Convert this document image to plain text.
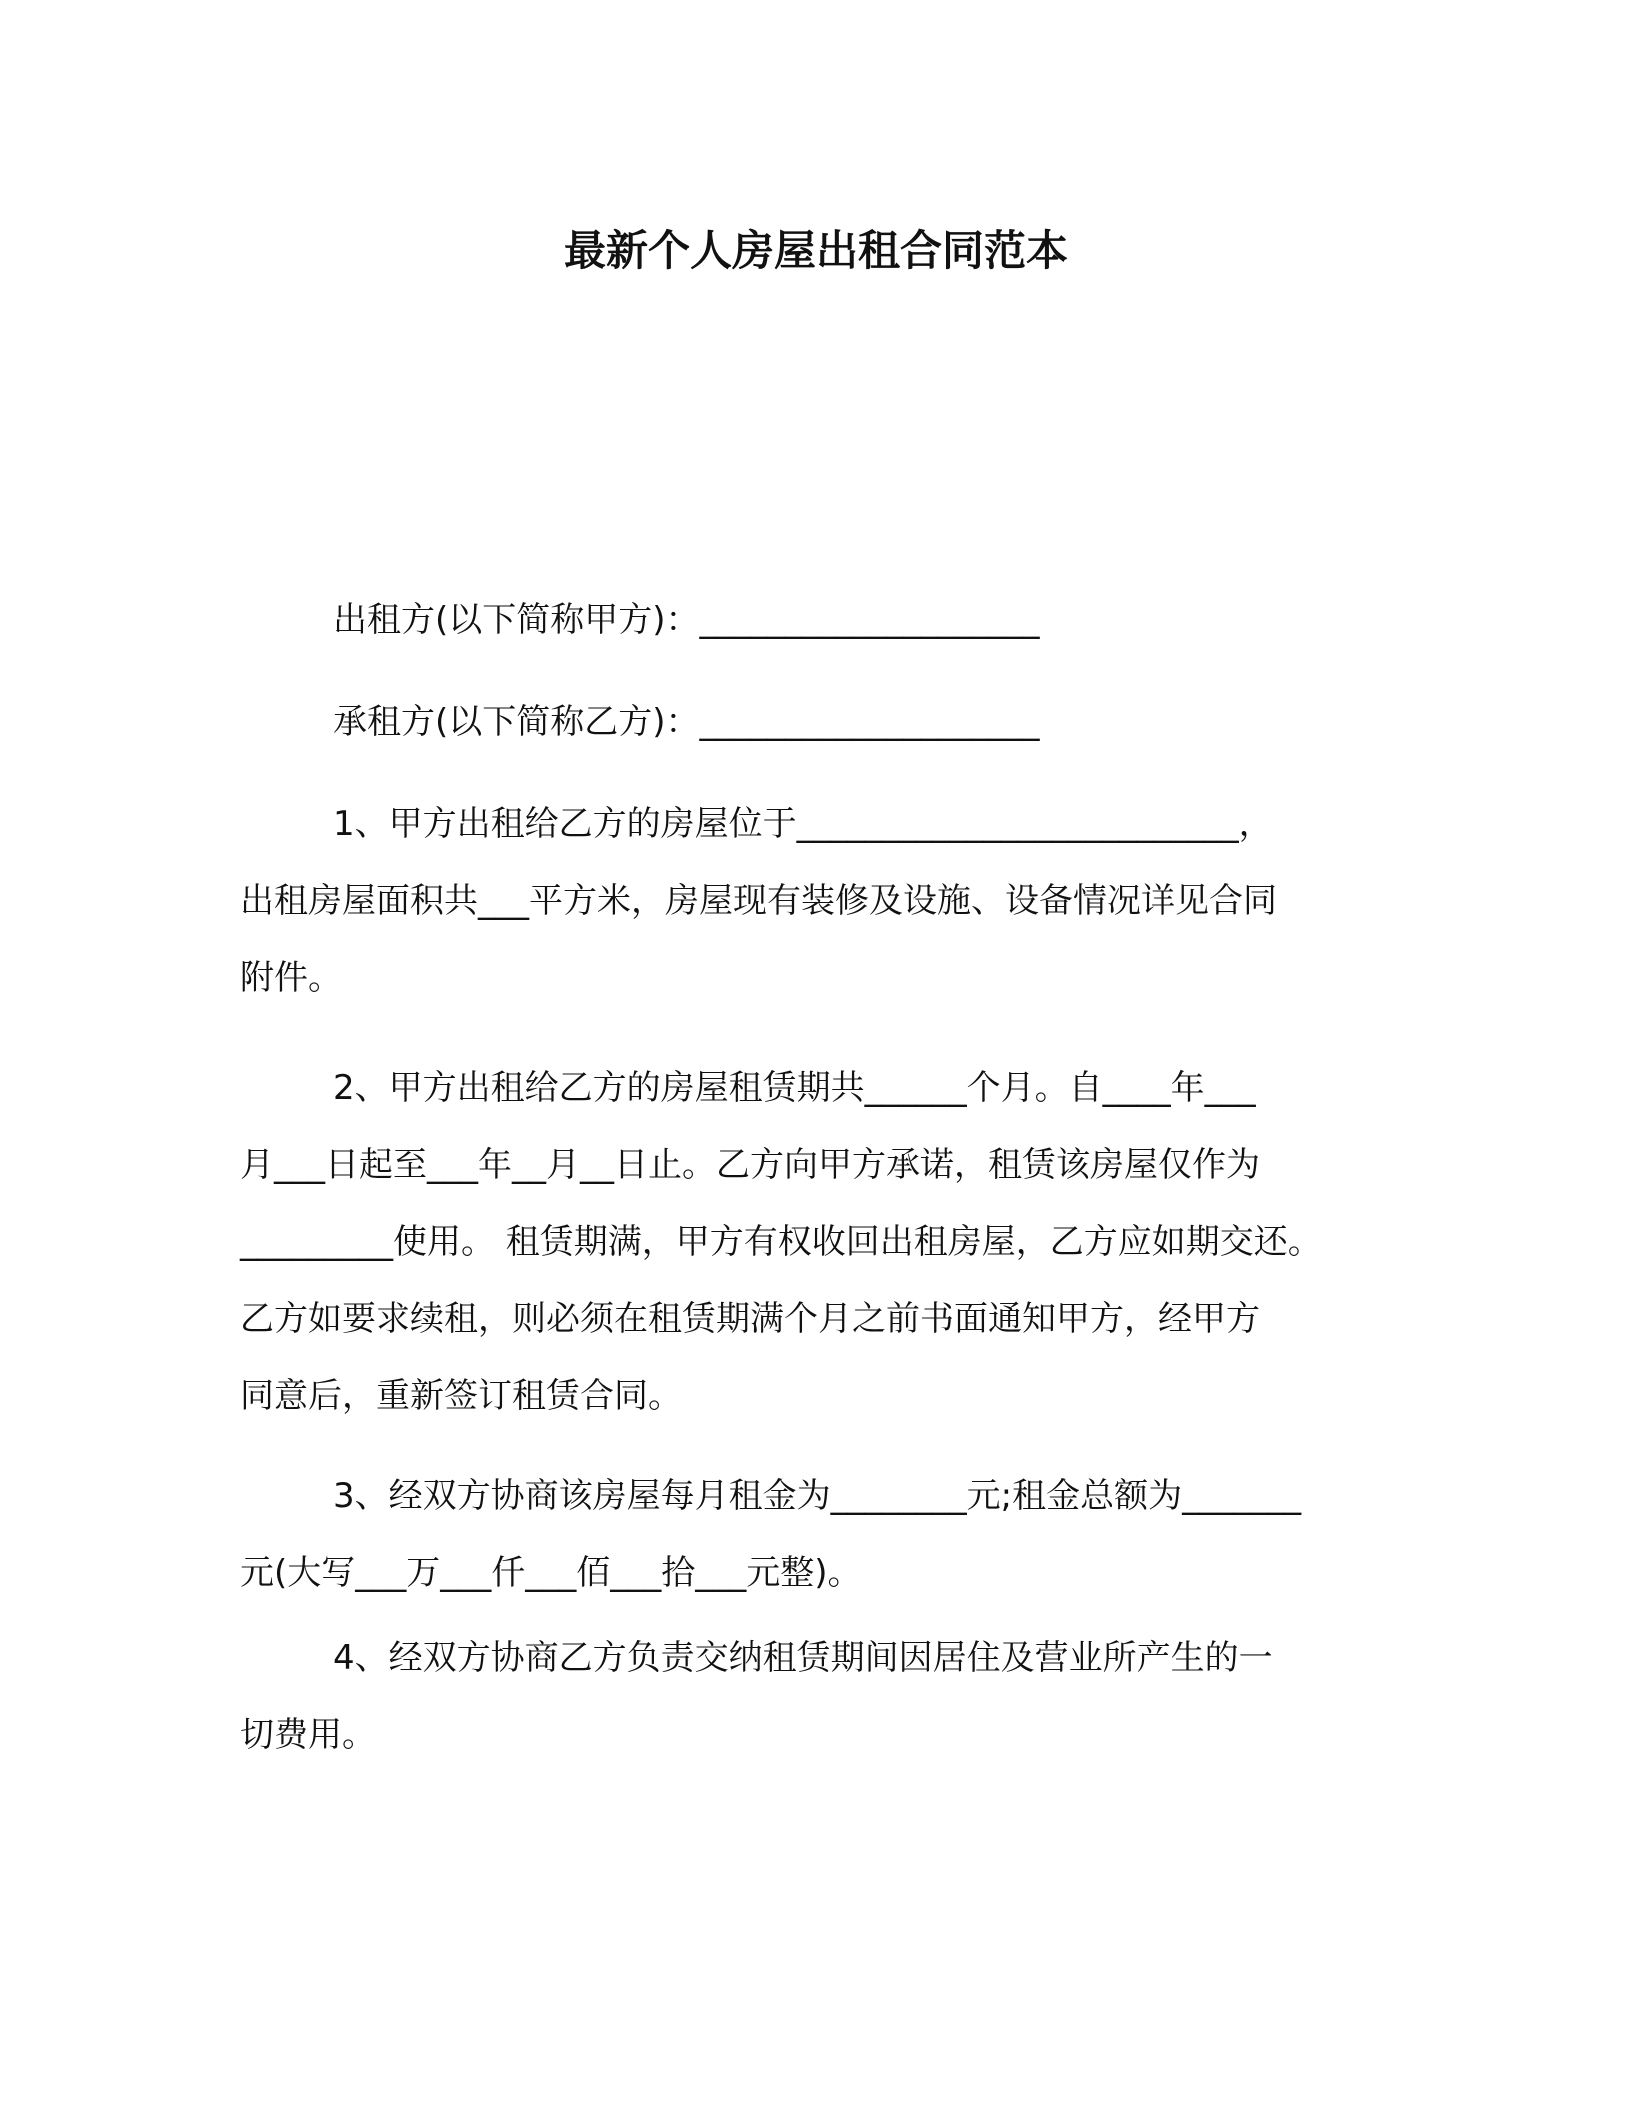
最新个人房屋出租合同范本

出租方(以下简称甲方)：____________________

承租方(以下简称乙方)：____________________

1、甲方出租给乙方的房屋位于__________________________，
出租房屋面积共___平方米，房屋现有装修及设施、设备情况详见合同
附件。

2、甲方出租给乙方的房屋租赁期共______个月。自____年___
月___日起至___年__月__日止。乙方向甲方承诺，租赁该房屋仅作为
_________使用。 租赁期满，甲方有权收回出租房屋，乙方应如期交还。
乙方如要求续租，则必须在租赁期满个月之前书面通知甲方，经甲方
同意后，重新签订租赁合同。

3、经双方协商该房屋每月租金为________元;租金总额为_______
元(大写___万___仟___佰___拾___元整)。

4、经双方协商乙方负责交纳租赁期间因居住及营业所产生的一
切费用。
